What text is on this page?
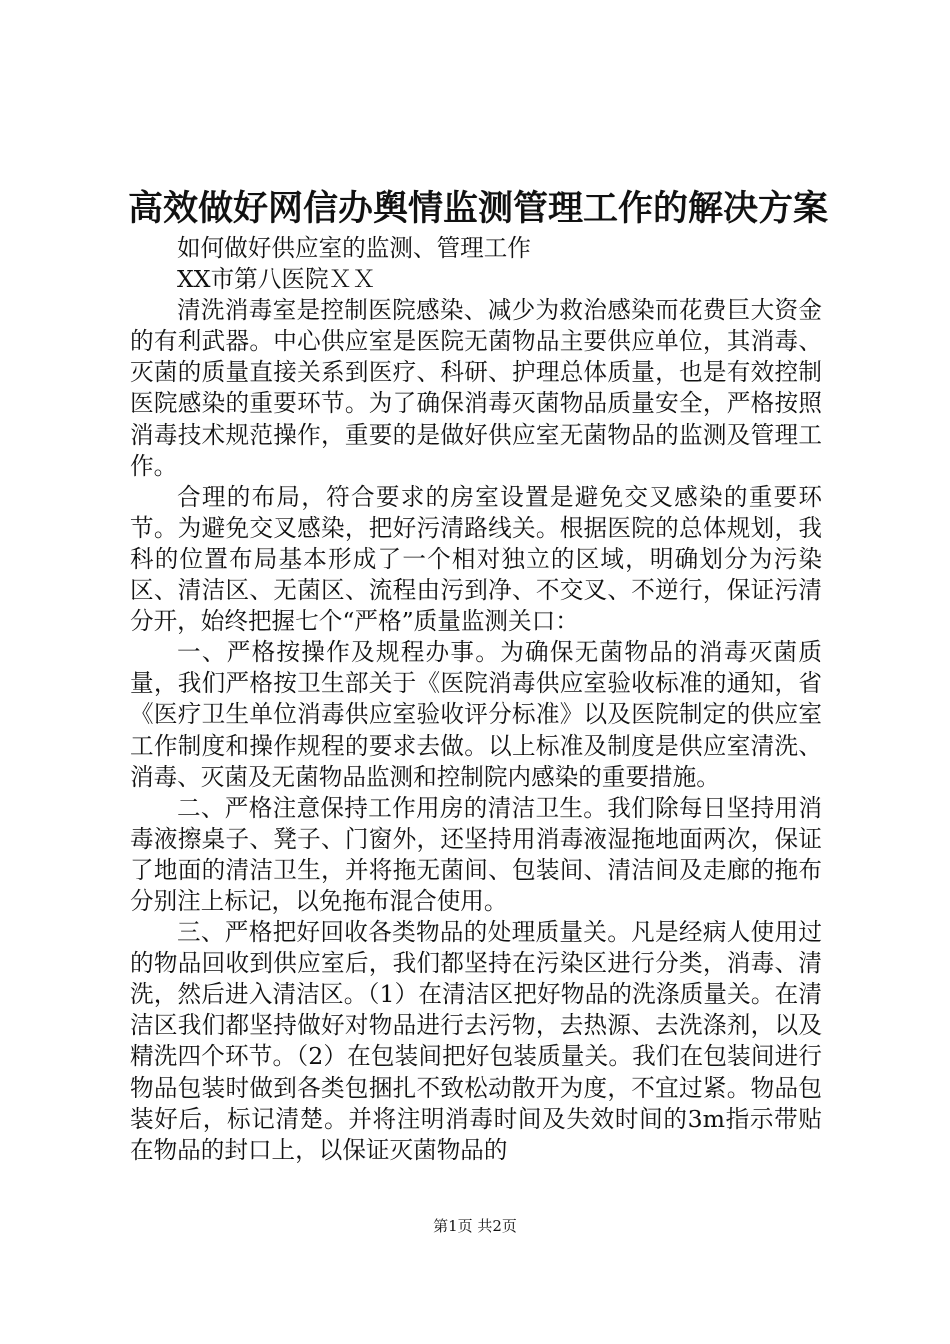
高效做好网信办舆情监测管理工作的解决方案

如何做好供应室的监测、管理工作

XX市第八医院ＸＸ

清洗消毒室是控制医院感染、减少为救治感染而花费巨大资金的有利武器。中心供应室是医院无菌物品主要供应单位，其消毒、灭菌的质量直接关系到医疗、科研、护理总体质量，也是有效控制医院感染的重要环节。为了确保消毒灭菌物品质量安全，严格按照消毒技术规范操作，重要的是做好供应室无菌物品的监测及管理工作。

合理的布局，符合要求的房室设置是避免交叉感染的重要环节。为避免交叉感染，把好污清路线关。根据医院的总体规划，我科的位置布局基本形成了一个相对独立的区域，明确划分为污染区、清洁区、无菌区、流程由污到净、不交叉、不逆行，保证污清分开，始终把握七个“严格”质量监测关口：

一、严格按操作及规程办事。为确保无菌物品的消毒灭菌质量，我们严格按卫生部关于《医院消毒供应室验收标准的通知，省《医疗卫生单位消毒供应室验收评分标准》以及医院制定的供应室工作制度和操作规程的要求去做。以上标准及制度是供应室清洗、消毒、灭菌及无菌物品监测和控制院内感染的重要措施。

二、严格注意保持工作用房的清洁卫生。我们除每日坚持用消毒液擦桌子、凳子、门窗外，还坚持用消毒液湿拖地面两次，保证了地面的清洁卫生，并将拖无菌间、包装间、清洁间及走廊的拖布分别注上标记，以免拖布混合使用。

三、严格把好回收各类物品的处理质量关。凡是经病人使用过的物品回收到供应室后，我们都坚持在污染区进行分类，消毒、清洗，然后进入清洁区。（1）在清洁区把好物品的洗涤质量关。在清洁区我们都坚持做好对物品进行去污物，去热源、去洗涤剂，以及精洗四个环节。（2）在包装间把好包装质量关。我们在包装间进行物品包装时做到各类包捆扎不致松动散开为度，不宜过紧。物品包装好后，标记清楚。并将注明消毒时间及失效时间的3m指示带贴在物品的封口上，以保证灭菌物品的

第1页 共2页
